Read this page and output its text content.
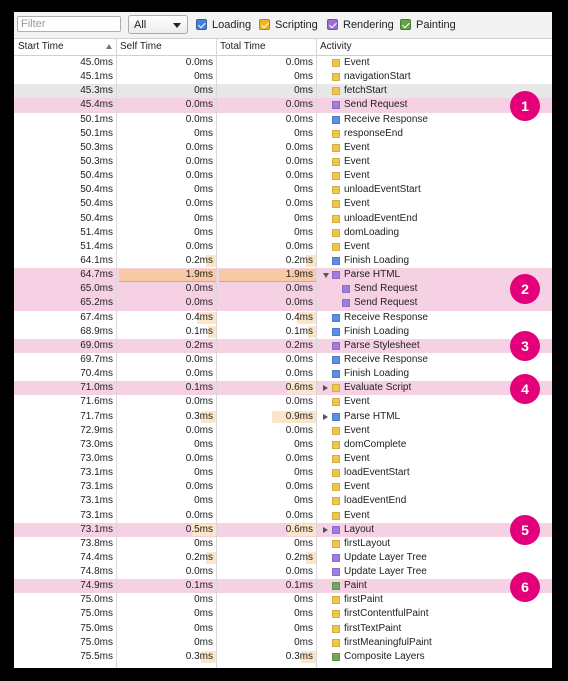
Filter
All	Loading Scripting Rendering Painting
Start Time	Self Time	Total Time	Activity
45.0ms	0.0ms	0.0ms	Event
45.1ms	0ms	0ms	navigationStart
45.3ms	0ms	0ms	fetchStart
45.4ms	0.0ms	0.0ms	Send Request
50.1ms	0.0ms	0.0ms	Receive Response
50.1ms	0ms	0ms	responseEnd
50.3ms	0.0ms	0.0ms	Event
50.3ms	0.0ms	0.0ms	Event
50.4ms	0.0ms	0.0ms	Event
50.4ms	0ms	0ms	unloadEventStart
50.4ms	0.0ms	0.0ms	Event
50.4ms	0ms	0ms	unloadEventEnd
51.4ms	0ms	0ms	domLoading
51.4ms	0.0ms	0.0ms	Event
64.1ms	0.2ms	0.2ms	Finish Loading
64.7ms	1.9ms	1.9ms	Parse HTML
65.0ms	0.0ms	0.0ms	Send Request
65.2ms	0.0ms	0.0ms	Send Request
67.4ms	0.4ms	0.4ms	Receive Response
68.9ms	0.1ms	0.1ms	Finish Loading
69.0ms	0.2ms	0.2ms	Parse Stylesheet
69.7ms	0.0ms	0.0ms	Receive Response
70.4ms	0.0ms	0.0ms	Finish Loading
71.0ms	0.1ms	0.6ms	Evaluate Script
71.6ms	0.0ms	0.0ms	Event
71.7ms	0.3ms	0.9ms	Parse HTML
72.9ms	0.0ms	0.0ms	Event
73.0ms	0ms	0ms	domComplete
73.0ms	0.0ms	0.0ms	Event
73.1ms	0ms	0ms	loadEventStart
73.1ms	0.0ms	0.0ms	Event
73.1ms	0ms	0ms	loadEventEnd
73.1ms	0.0ms	0.0ms	Event
73.1ms	0.5ms	0.6ms	Layout
73.8ms	0ms	0ms	firstLayout
74.4ms	0.2ms	0.2ms	Update Layer Tree
74.8ms	0.0ms	0.0ms	Update Layer Tree
74.9ms	0.1ms	0.1ms	Paint
75.0ms	0ms	0ms	firstPaint
75.0ms	0ms	0ms	firstContentfulPaint
75.0ms	0ms	0ms	firstTextPaint
75.0ms	0ms	0ms	firstMeaningfulPaint
75.5ms	0.3ms	0.3ms	Composite Layers
1
2
3
4
5
6
